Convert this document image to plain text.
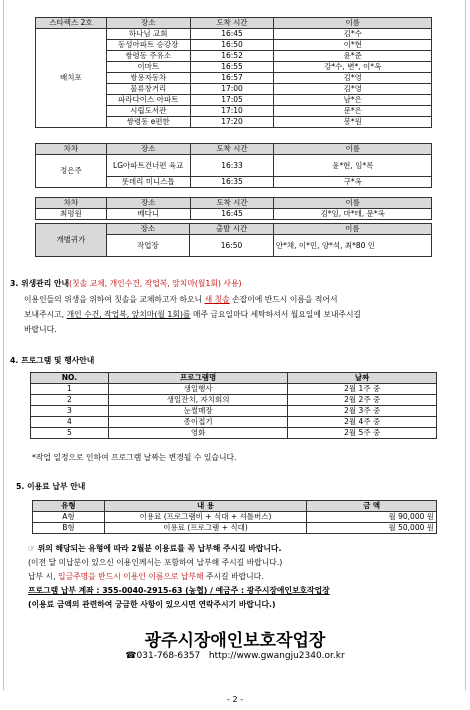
스타렉스 2호	장소	도착 시간	이름
배치포	하나님 교회	16:45	김*수
	동성아파트 승강장	16:50	이*현
	쌍령동 주유소	16:52	윤*준
	이마트	16:55	강*수, 변*, 이*옥
	쌍용자동차	16:57	김*영
	물류창거리	17:00	김*영
	파라다이스 아파트	17:05	남*은
	시립도서관	17:10	문*은
	쌍령동 e편한	17:20	봉*원
차차	장소	도착 시간	이름
정은주	LG아파트건너편 육교	16:33	윤*현, 임*록
	롯데리 미니스톱	16:35	구*옥
차차	장소	도착 시간	이름
최평원	베다니	16:45	김*임, 마*테, 문*옥
개별귀가	장소	출발 시간	이름
	작업장	16:50	안*채, 이*민, 양*석, 최*80 인
3. 위생관리 안내(칫솔 교체, 개인수건, 작업복, 앞치마(월1회) 사용)
이용인들의 위생을 위하여 칫솔을 교체하고자 하오니 새 칫솔 손잡이에 반드시 이름을 적어서
보내주시고, 개인 수건, 작업복, 앞치마(월 1회)를 매주 금요일마다 세탁하셔서 월요일에 보내주시길
바랍니다.
4. 프로그램 및 행사안내
NO.	프로그램명	날짜
1	생일행사	2월 1주 중
2	생일잔치, 자치회의	2월 2주 중
3	눈썰매장	2월 3주 중
4	종이접기	2월 4주 중
5	영화	2월 5주 중
*작업 일정으로 인하여 프로그램 날짜는 변경될 수 있습니다.
5. 이용료 납부 안내
유형	내 용	금 액
A형	이용료 (프로그램비 + 식대 + 셔틀버스)	월 90,000 원
B형	이용료 (프로그램 + 식대)	월 50,000 원
☞ 위의 해당되는 유형에 따라 2월분 이용료를 꼭 납부해 주시길 바랍니다.
(이전 달 미납분이 있으신 이용인께서는 포함하여 납부해 주시길 바랍니다.)
납부 시, 입금주명을 반드시 이용인 이름으로 납부해 주시길 바랍니다.
프로그램 납부 계좌 : 355-0040-2915-63 (농협) / 예금주 : 광주시장애인보호작업장
(이용료 금액의 관련하여 궁금한 사항이 있으시면 연락주시기 바랍니다.)
광주시장애인보호작업장
☎031-768-6357 http://www.gwangju2340.or.kr
- 2 -
